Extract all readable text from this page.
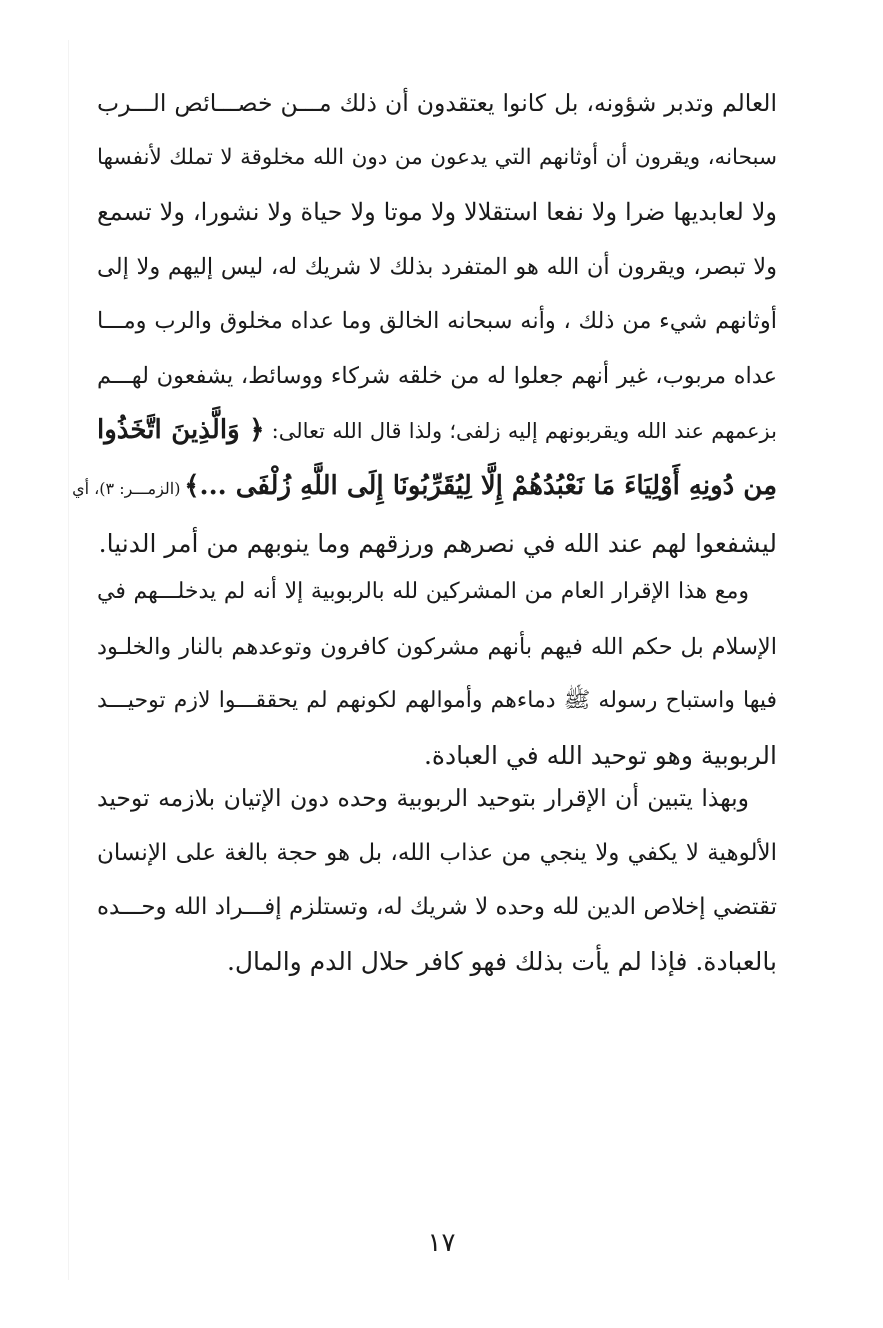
العالم وتدبر شؤونه، بل كانوا يعتقدون أن ذلك مـــن خصـــائص الـــرب
سبحانه، ويقرون أن أوثانهم التي يدعون من دون الله مخلوقة لا تملك لأنفسها
ولا لعابديها ضرا ولا نفعا استقلالا ولا موتا ولا حياة ولا نشورا، ولا تسمع
ولا تبصر، ويقرون أن الله هو المتفرد بذلك لا شريك له، ليس إليهم ولا إلى
أوثانهم شيء من ذلك ، وأنه سبحانه الخالق وما عداه مخلوق والرب ومـــا
عداه مربوب، غير أنهم جعلوا له من خلقه شركاء ووسائط، يشفعون لهـــم
بزعمهم عند الله ويقربونهم إليه زلفى؛ ولذا قال الله تعالى: ﴿ وَالَّذِينَ اتَّخَذُوا
مِن دُونِهِ أَوْلِيَاءَ مَا نَعْبُدُهُمْ إِلَّا لِيُقَرِّبُونَا إِلَى اللَّهِ زُلْفَى ...﴾ (الزمـــر: ٣)، أي
ليشفعوا لهم عند الله في نصرهم ورزقهم وما ينوبهم من أمر الدنيا.
ومع هذا الإقرار العام من المشركين لله بالربوبية إلا أنه لم يدخلـــهم في
الإسلام بل حكم الله فيهم بأنهم مشركون كافرون وتوعدهم بالنار والخلـود
فيها واستباح رسوله ﷺ دماءهم وأموالهم لكونهم لم يحققـــوا لازم توحيـــد
الربوبية وهو توحيد الله في العبادة.
وبهذا يتبين أن الإقرار بتوحيد الربوبية وحده دون الإتيان بلازمه توحيد
الألوهية لا يكفي ولا ينجي من عذاب الله، بل هو حجة بالغة على الإنسان
تقتضي إخلاص الدين لله وحده لا شريك له، وتستلزم إفـــراد الله وحـــده
بالعبادة. فإذا لم يأت بذلك فهو كافر حلال الدم والمال.
١٧
